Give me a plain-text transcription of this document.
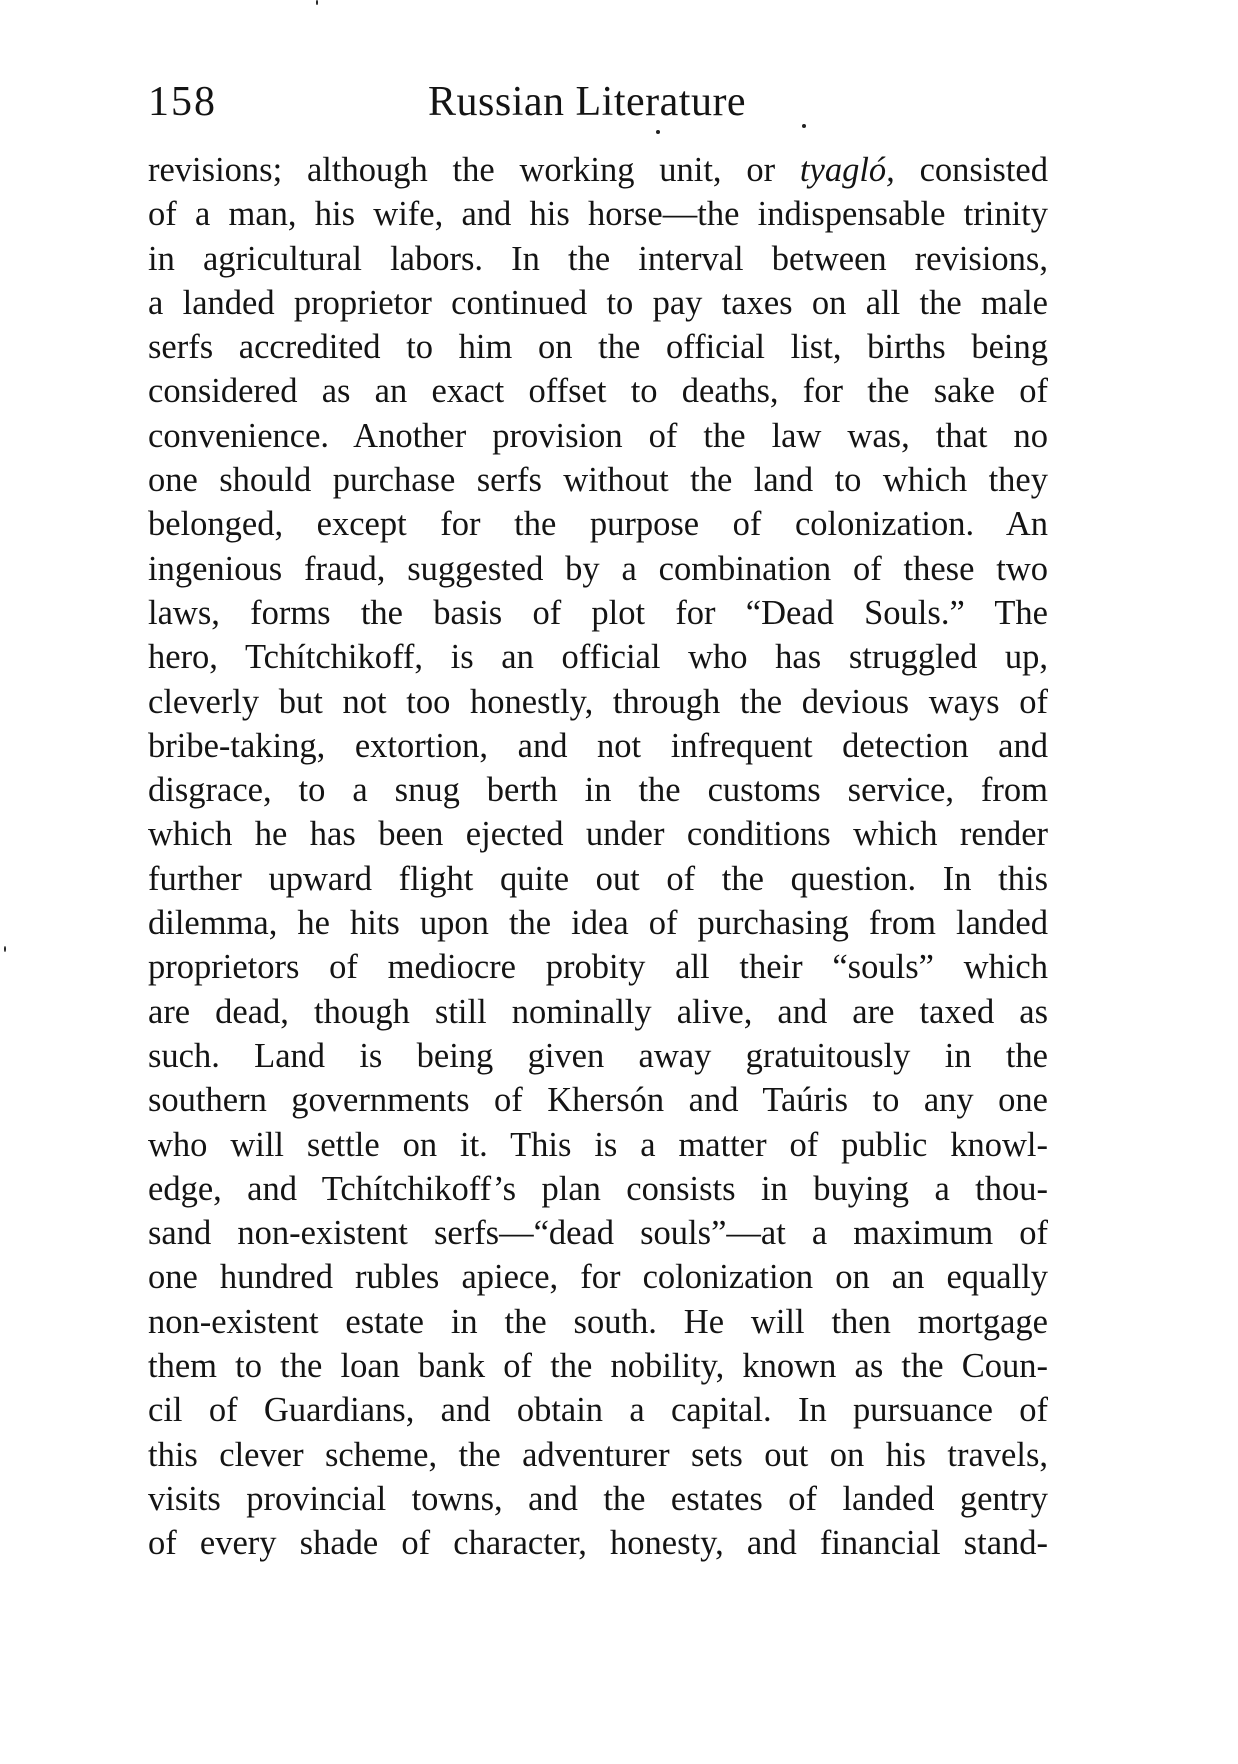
158	Russian Literature
revisions; although the working unit, or tyagló, consisted
of a man, his wife, and his horse—the indispensable trinity
in agricultural labors. In the interval between revisions,
a landed proprietor continued to pay taxes on all the male
serfs accredited to him on the official list, births being
considered as an exact offset to deaths, for the sake of
convenience. Another provision of the law was, that no
one should purchase serfs without the land to which they
belonged, except for the purpose of colonization. An
ingenious fraud, suggested by a combination of these two
laws, forms the basis of plot for “Dead Souls.” The
hero, Tchítchikoff, is an official who has struggled up,
cleverly but not too honestly, through the devious ways of
bribe-taking, extortion, and not infrequent detection and
disgrace, to a snug berth in the customs service, from
which he has been ejected under conditions which render
further upward flight quite out of the question. In this
dilemma, he hits upon the idea of purchasing from landed
proprietors of mediocre probity all their “souls” which
are dead, though still nominally alive, and are taxed as
such. Land is being given away gratuitously in the
southern governments of Khersón and Taúris to any one
who will settle on it. This is a matter of public knowl-
edge, and Tchítchikoff’s plan consists in buying a thou-
sand non-existent serfs—“dead souls”—at a maximum of
one hundred rubles apiece, for colonization on an equally
non-existent estate in the south. He will then mortgage
them to the loan bank of the nobility, known as the Coun-
cil of Guardians, and obtain a capital. In pursuance of
this clever scheme, the adventurer sets out on his travels,
visits provincial towns, and the estates of landed gentry
of every shade of character, honesty, and financial stand-
